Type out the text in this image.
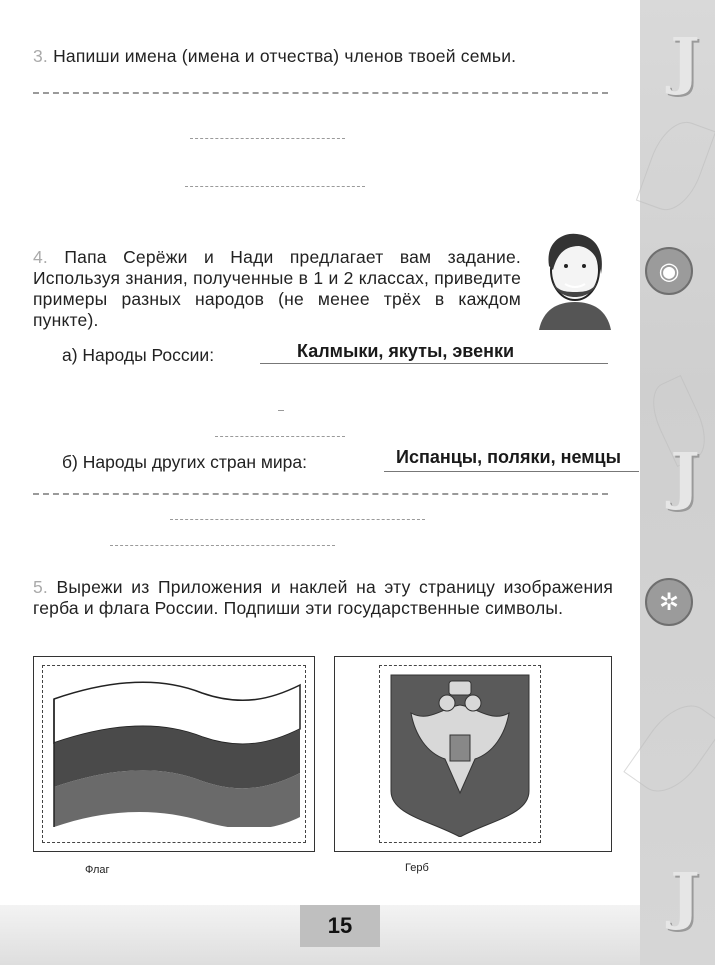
J
J
J
◉
✲
3. Напиши имена (имена и отчества) членов твоей семьи.
4. Папа Серёжи и Нади предлагает вам задание. Используя знания, полученные в 1 и 2 классах, приведите примеры разных народов (не менее трёх в каждом пункте).
а) Народы России:	Калмыки, якуты, эвенки
б) Народы других стран мира:	Испанцы, поляки, немцы
5. Вырежи из Приложения и наклей на эту страницу изображения герба и флага России. Подпиши эти государственные символы.
Флаг	Герб
15
